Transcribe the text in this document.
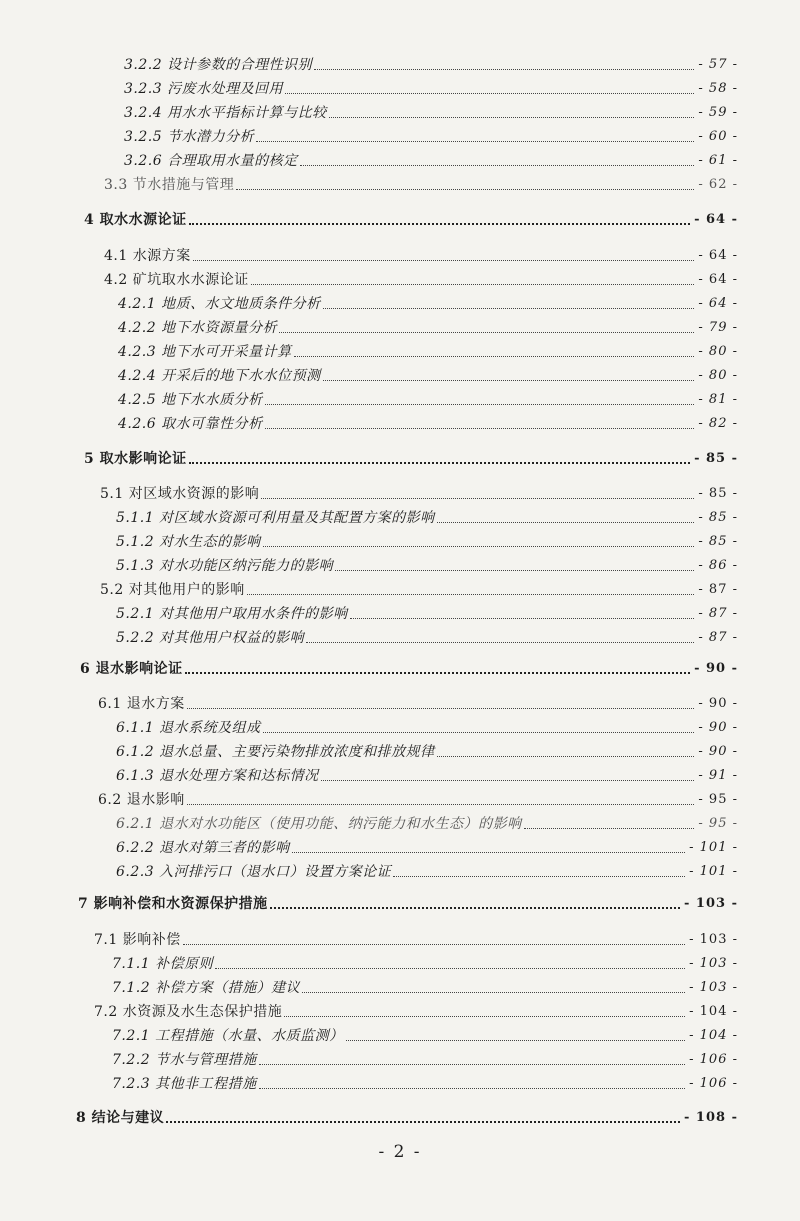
3.2.2 设计参数的合理性识别	- 57 -
3.2.3 污废水处理及回用	- 58 -
3.2.4 用水水平指标计算与比较	- 59 -
3.2.5 节水潜力分析	- 60 -
3.2.6 合理取用水量的核定	- 61 -
3.3 节水措施与管理	- 62 -
4 取水水源论证	- 64 -
4.1 水源方案	- 64 -
4.2 矿坑取水水源论证	- 64 -
4.2.1 地质、水文地质条件分析	- 64 -
4.2.2 地下水资源量分析	- 79 -
4.2.3 地下水可开采量计算	- 80 -
4.2.4 开采后的地下水水位预测	- 80 -
4.2.5 地下水水质分析	- 81 -
4.2.6 取水可靠性分析	- 82 -
5 取水影响论证	- 85 -
5.1 对区域水资源的影响	- 85 -
5.1.1 对区域水资源可利用量及其配置方案的影响	- 85 -
5.1.2 对水生态的影响	- 85 -
5.1.3 对水功能区纳污能力的影响	- 86 -
5.2 对其他用户的影响	- 87 -
5.2.1 对其他用户取用水条件的影响	- 87 -
5.2.2 对其他用户权益的影响	- 87 -
6 退水影响论证	- 90 -
6.1 退水方案	- 90 -
6.1.1 退水系统及组成	- 90 -
6.1.2 退水总量、主要污染物排放浓度和排放规律	- 90 -
6.1.3 退水处理方案和达标情况	- 91 -
6.2 退水影响	- 95 -
6.2.1 退水对水功能区（使用功能、纳污能力和水生态）的影响	- 95 -
6.2.2 退水对第三者的影响	- 101 -
6.2.3 入河排污口（退水口）设置方案论证	- 101 -
7 影响补偿和水资源保护措施	- 103 -
7.1 影响补偿	- 103 -
7.1.1 补偿原则	- 103 -
7.1.2 补偿方案（措施）建议	- 103 -
7.2 水资源及水生态保护措施	- 104 -
7.2.1 工程措施（水量、水质监测）	- 104 -
7.2.2 节水与管理措施	- 106 -
7.2.3 其他非工程措施	- 106 -
8 结论与建议	- 108 -
- 2 -
